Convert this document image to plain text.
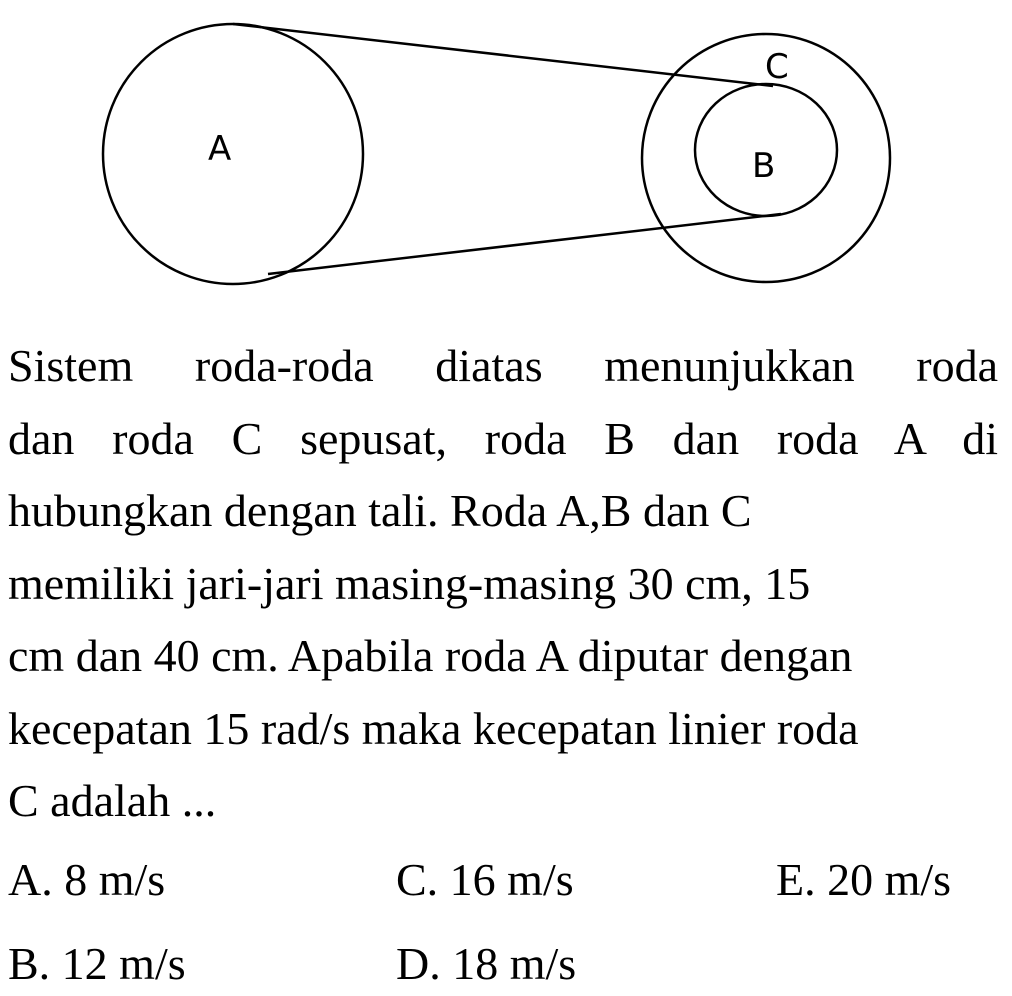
A	B
C
Sistem roda-roda diatas menunjukkan roda
dan roda C sepusat, roda B dan roda A di
hubungkan dengan tali. Roda A,B dan C
memiliki jari-jari masing-masing 30 cm, 15
cm dan 40 cm. Apabila roda A diputar dengan
kecepatan 15 rad/s maka kecepatan linier roda
C adalah ...
A. 8 m/s	C. 16 m/s	E. 20 m/s
B. 12 m/s	D. 18 m/s
